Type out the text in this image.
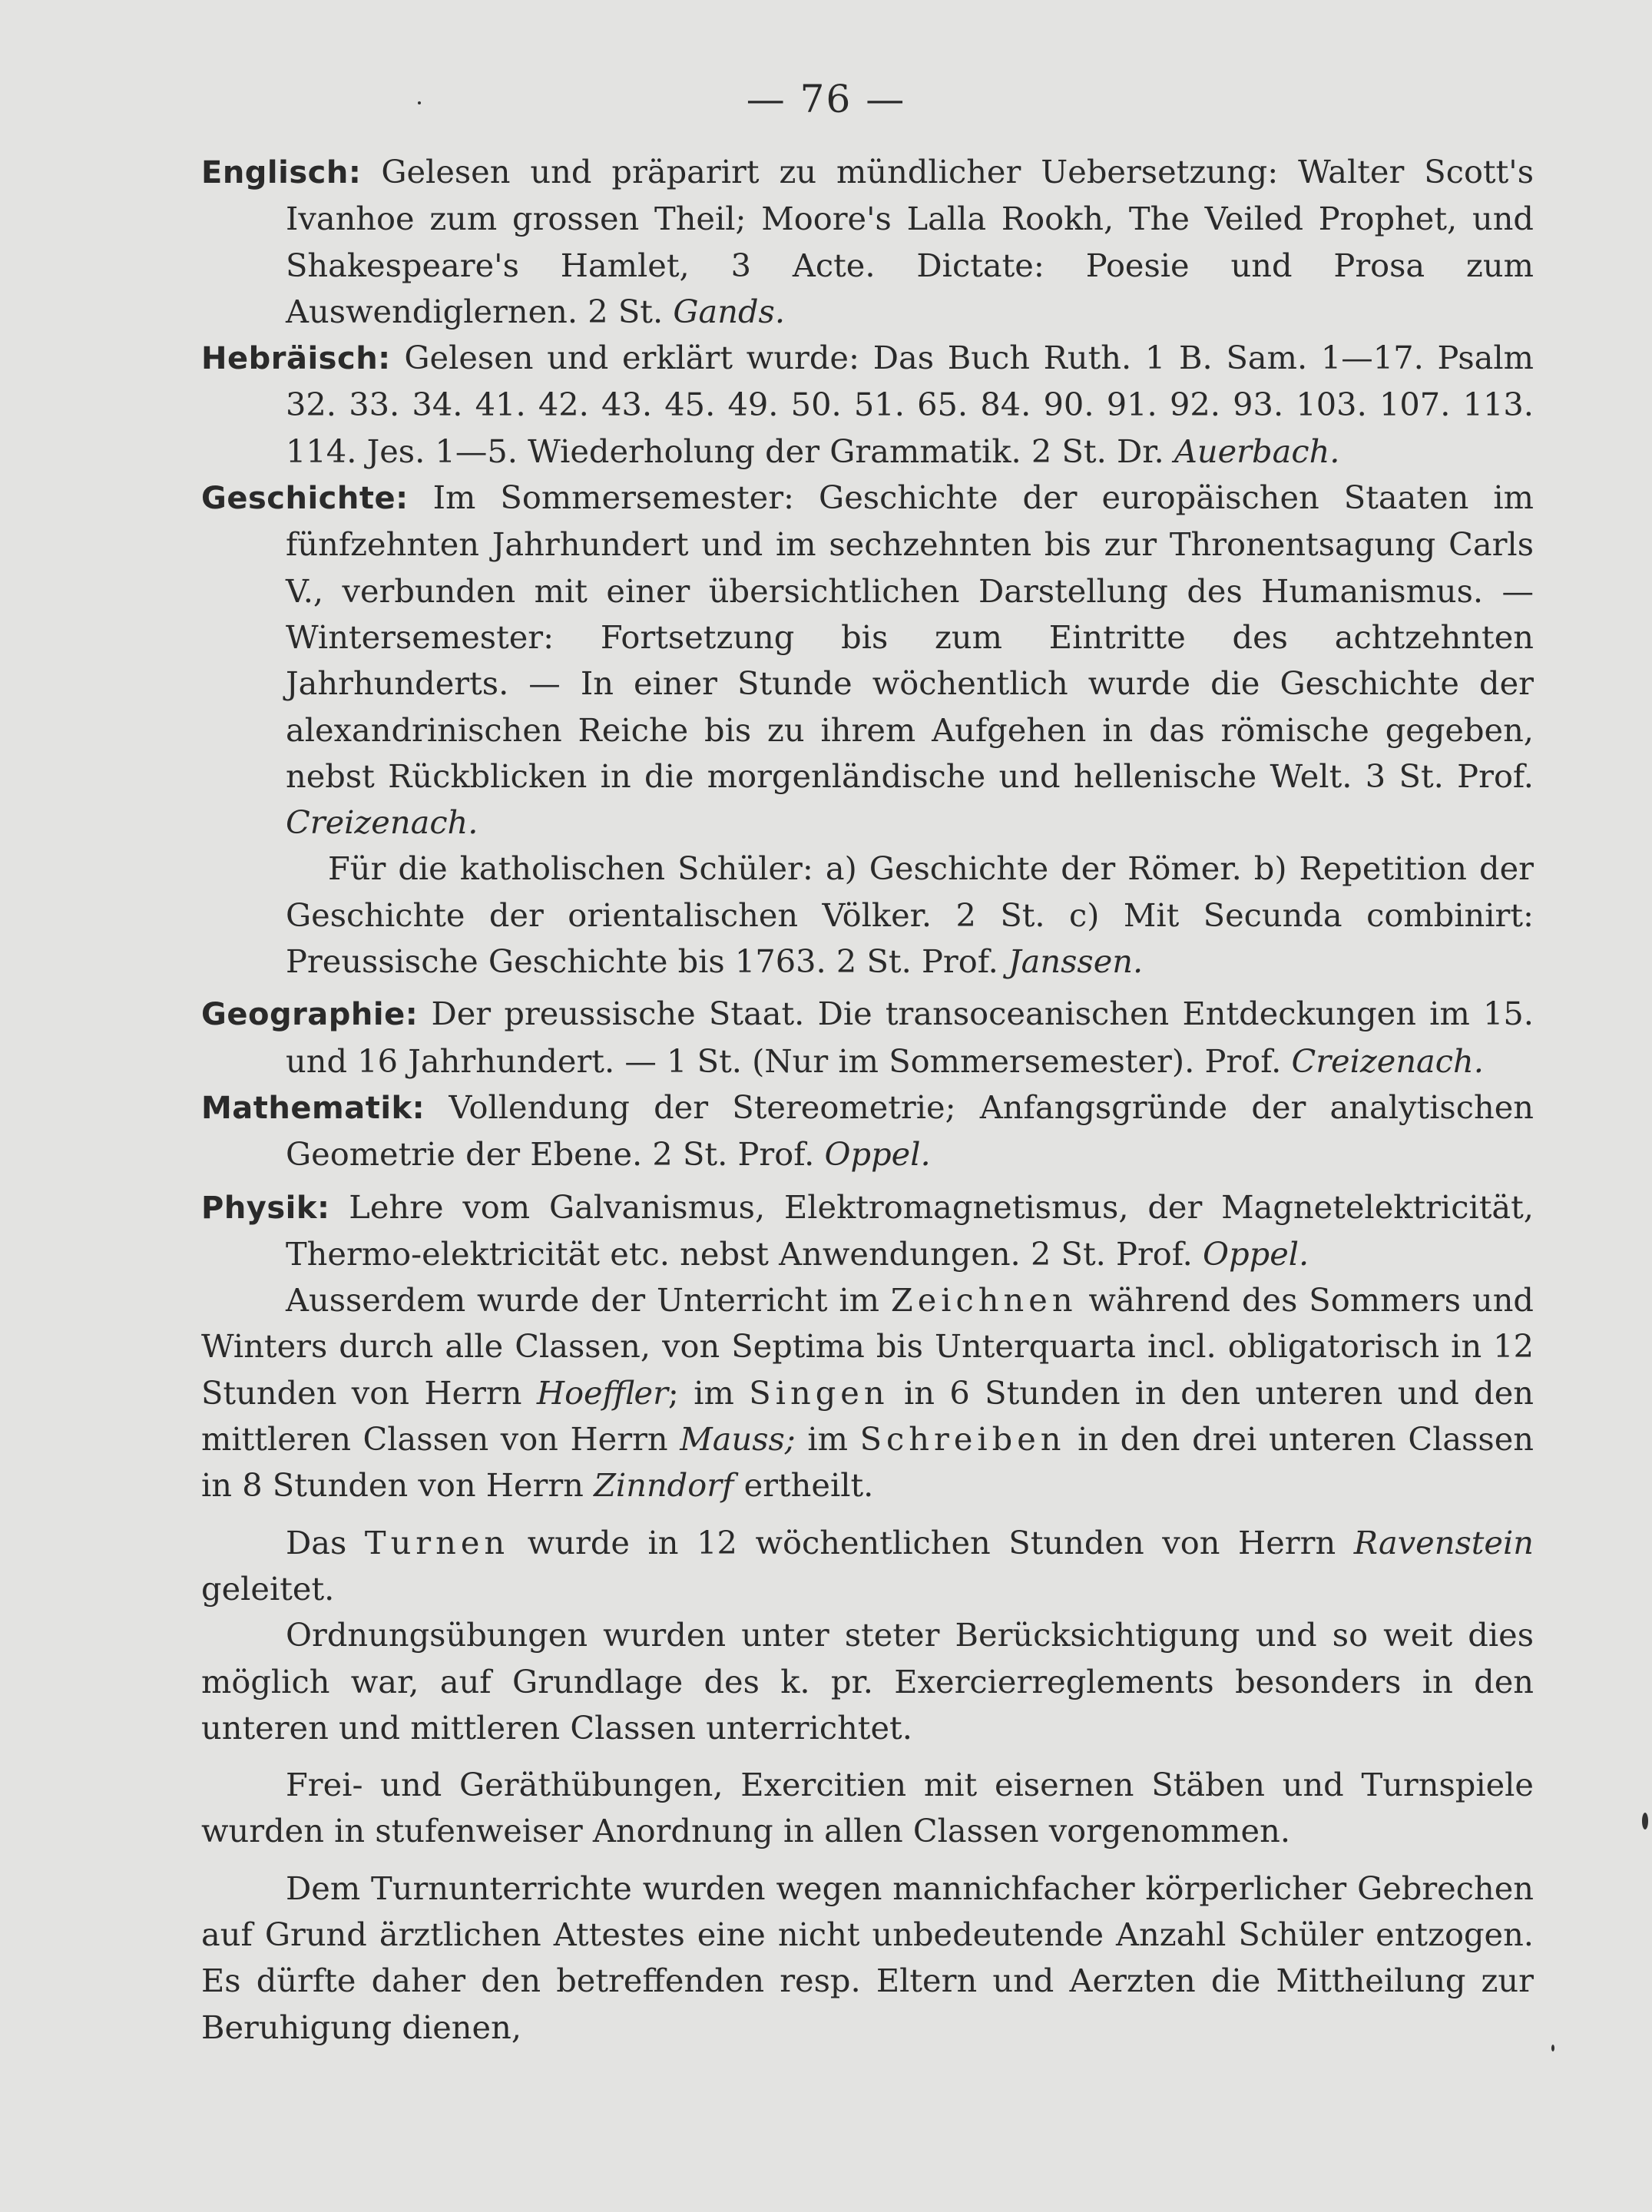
— 76 —

Englisch: Gelesen und präparirt zu mündlicher Uebersetzung: Walter Scott's Ivanhoe zum grossen Theil; Moore's Lalla Rookh, The Veiled Prophet, und Shakespeare's Hamlet, 3 Acte. Dictate: Poesie und Prosa zum Auswendiglernen. 2 St. Gands.

Hebräisch: Gelesen und erklärt wurde: Das Buch Ruth. 1 B. Sam. 1—17. Psalm 32. 33. 34. 41. 42. 43. 45. 49. 50. 51. 65. 84. 90. 91. 92. 93. 103. 107. 113. 114. Jes. 1—5. Wiederholung der Grammatik. 2 St. Dr. Auerbach.

Geschichte: Im Sommersemester: Geschichte der europäischen Staaten im fünfzehnten Jahrhundert und im sechzehnten bis zur Thronentsagung Carls V., verbunden mit einer übersichtlichen Darstellung des Humanismus. — Wintersemester: Fortsetzung bis zum Eintritte des achtzehnten Jahrhunderts. — In einer Stunde wöchentlich wurde die Geschichte der alexandrinischen Reiche bis zu ihrem Aufgehen in das römische gegeben, nebst Rückblicken in die morgenländische und hellenische Welt. 3 St. Prof. Creizenach.

Für die katholischen Schüler: a) Geschichte der Römer. b) Repetition der Geschichte der orientalischen Völker. 2 St. c) Mit Secunda combinirt: Preussische Geschichte bis 1763. 2 St. Prof. Janssen.

Geographie: Der preussische Staat. Die transoceanischen Entdeckungen im 15. und 16 Jahrhundert. — 1 St. (Nur im Sommersemester). Prof. Creizenach.

Mathematik: Vollendung der Stereometrie; Anfangsgründe der analytischen Geometrie der Ebene. 2 St. Prof. Oppel.

Physik: Lehre vom Galvanismus, Elektromagnetismus, der Magnetelektricität, Thermo-elektricität etc. nebst Anwendungen. 2 St. Prof. Oppel.

Ausserdem wurde der Unterricht im Zeichnen während des Sommers und Winters durch alle Classen, von Septima bis Unterquarta incl. obligatorisch in 12 Stunden von Herrn Hoeffler; im Singen in 6 Stunden in den unteren und den mittleren Classen von Herrn Mauss; im Schreiben in den drei unteren Classen in 8 Stunden von Herrn Zinndorf ertheilt.

Das Turnen wurde in 12 wöchentlichen Stunden von Herrn Ravenstein geleitet.

Ordnungsübungen wurden unter steter Berücksichtigung und so weit dies möglich war, auf Grundlage des k. pr. Exercierreglements besonders in den unteren und mittleren Classen unterrichtet.

Frei- und Geräthübungen, Exercitien mit eisernen Stäben und Turnspiele wurden in stufenweiser Anordnung in allen Classen vorgenommen.

Dem Turnunterrichte wurden wegen mannichfacher körperlicher Gebrechen auf Grund ärztlichen Attestes eine nicht unbedeutende Anzahl Schüler entzogen. Es dürfte daher den betreffenden resp. Eltern und Aerzten die Mittheilung zur Beruhigung dienen,
